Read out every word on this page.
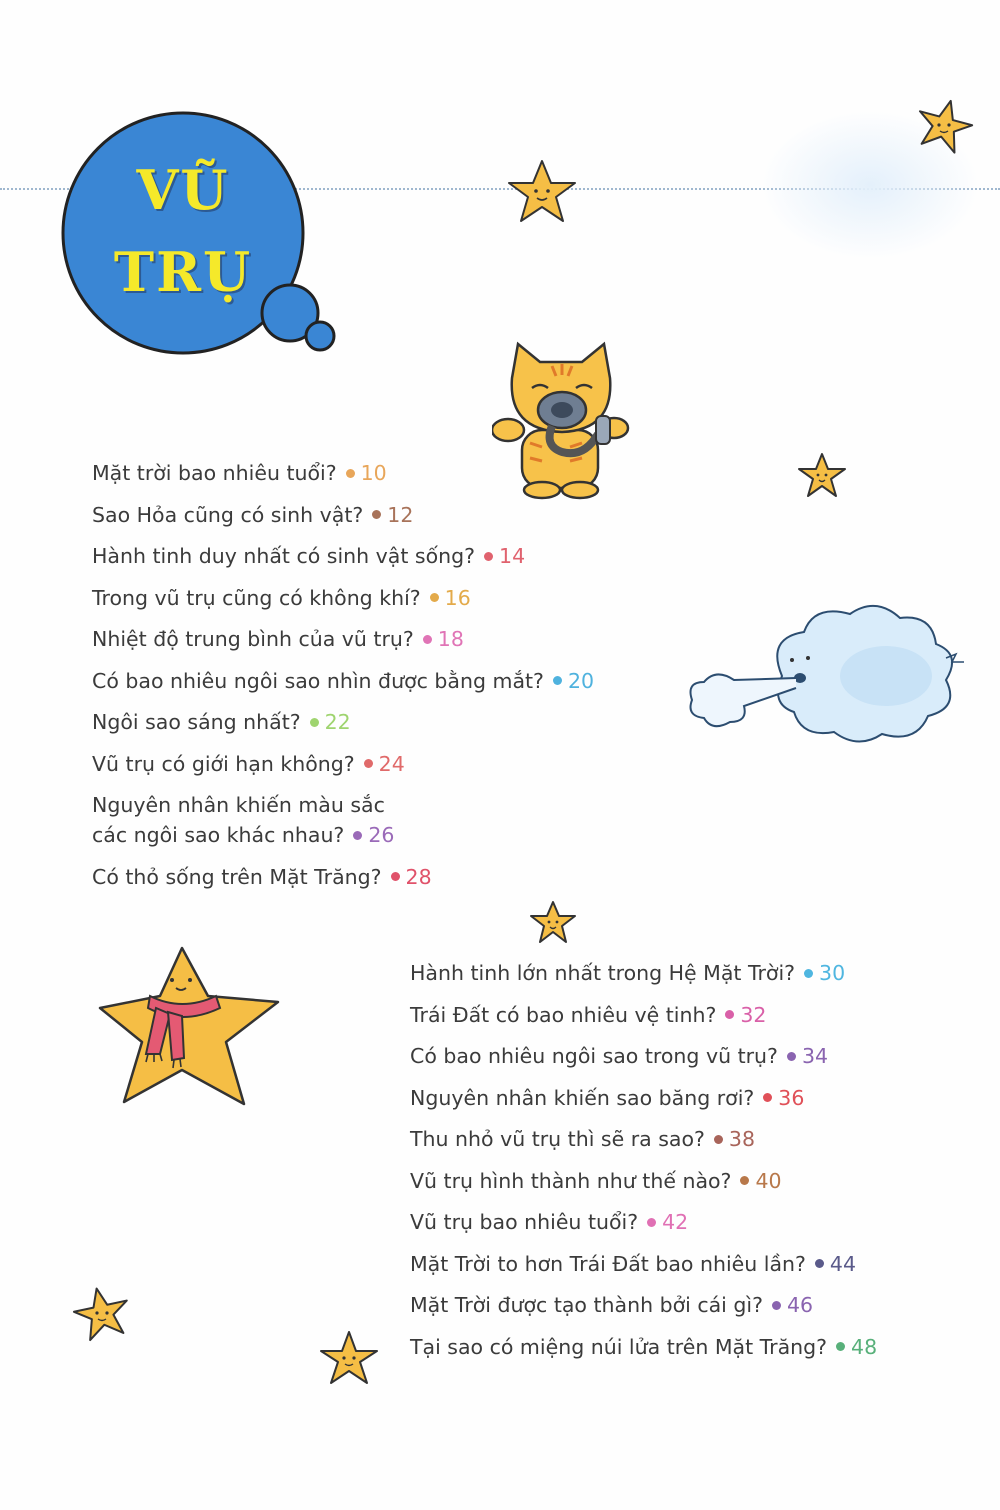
VŨ
TRỤ
Mặt trời bao nhiêu tuổi? 10
Sao Hỏa cũng có sinh vật? 12
Hành tinh duy nhất có sinh vật sống? 14
Trong vũ trụ cũng có không khí? 16
Nhiệt độ trung bình của vũ trụ? 18
Có bao nhiêu ngôi sao nhìn được bằng mắt? 20
Ngôi sao sáng nhất? 22
Vũ trụ có giới hạn không? 24
Nguyên nhân khiến màu sắc các ngôi sao khác nhau? 26
Có thỏ sống trên Mặt Trăng? 28
Hành tinh lớn nhất trong Hệ Mặt Trời? 30
Trái Đất có bao nhiêu vệ tinh? 32
Có bao nhiêu ngôi sao trong vũ trụ? 34
Nguyên nhân khiến sao băng rơi? 36
Thu nhỏ vũ trụ thì sẽ ra sao? 38
Vũ trụ hình thành như thế nào? 40
Vũ trụ bao nhiêu tuổi? 42
Mặt Trời to hơn Trái Đất bao nhiêu lần? 44
Mặt Trời được tạo thành bởi cái gì? 46
Tại sao có miệng núi lửa trên Mặt Trăng? 48
